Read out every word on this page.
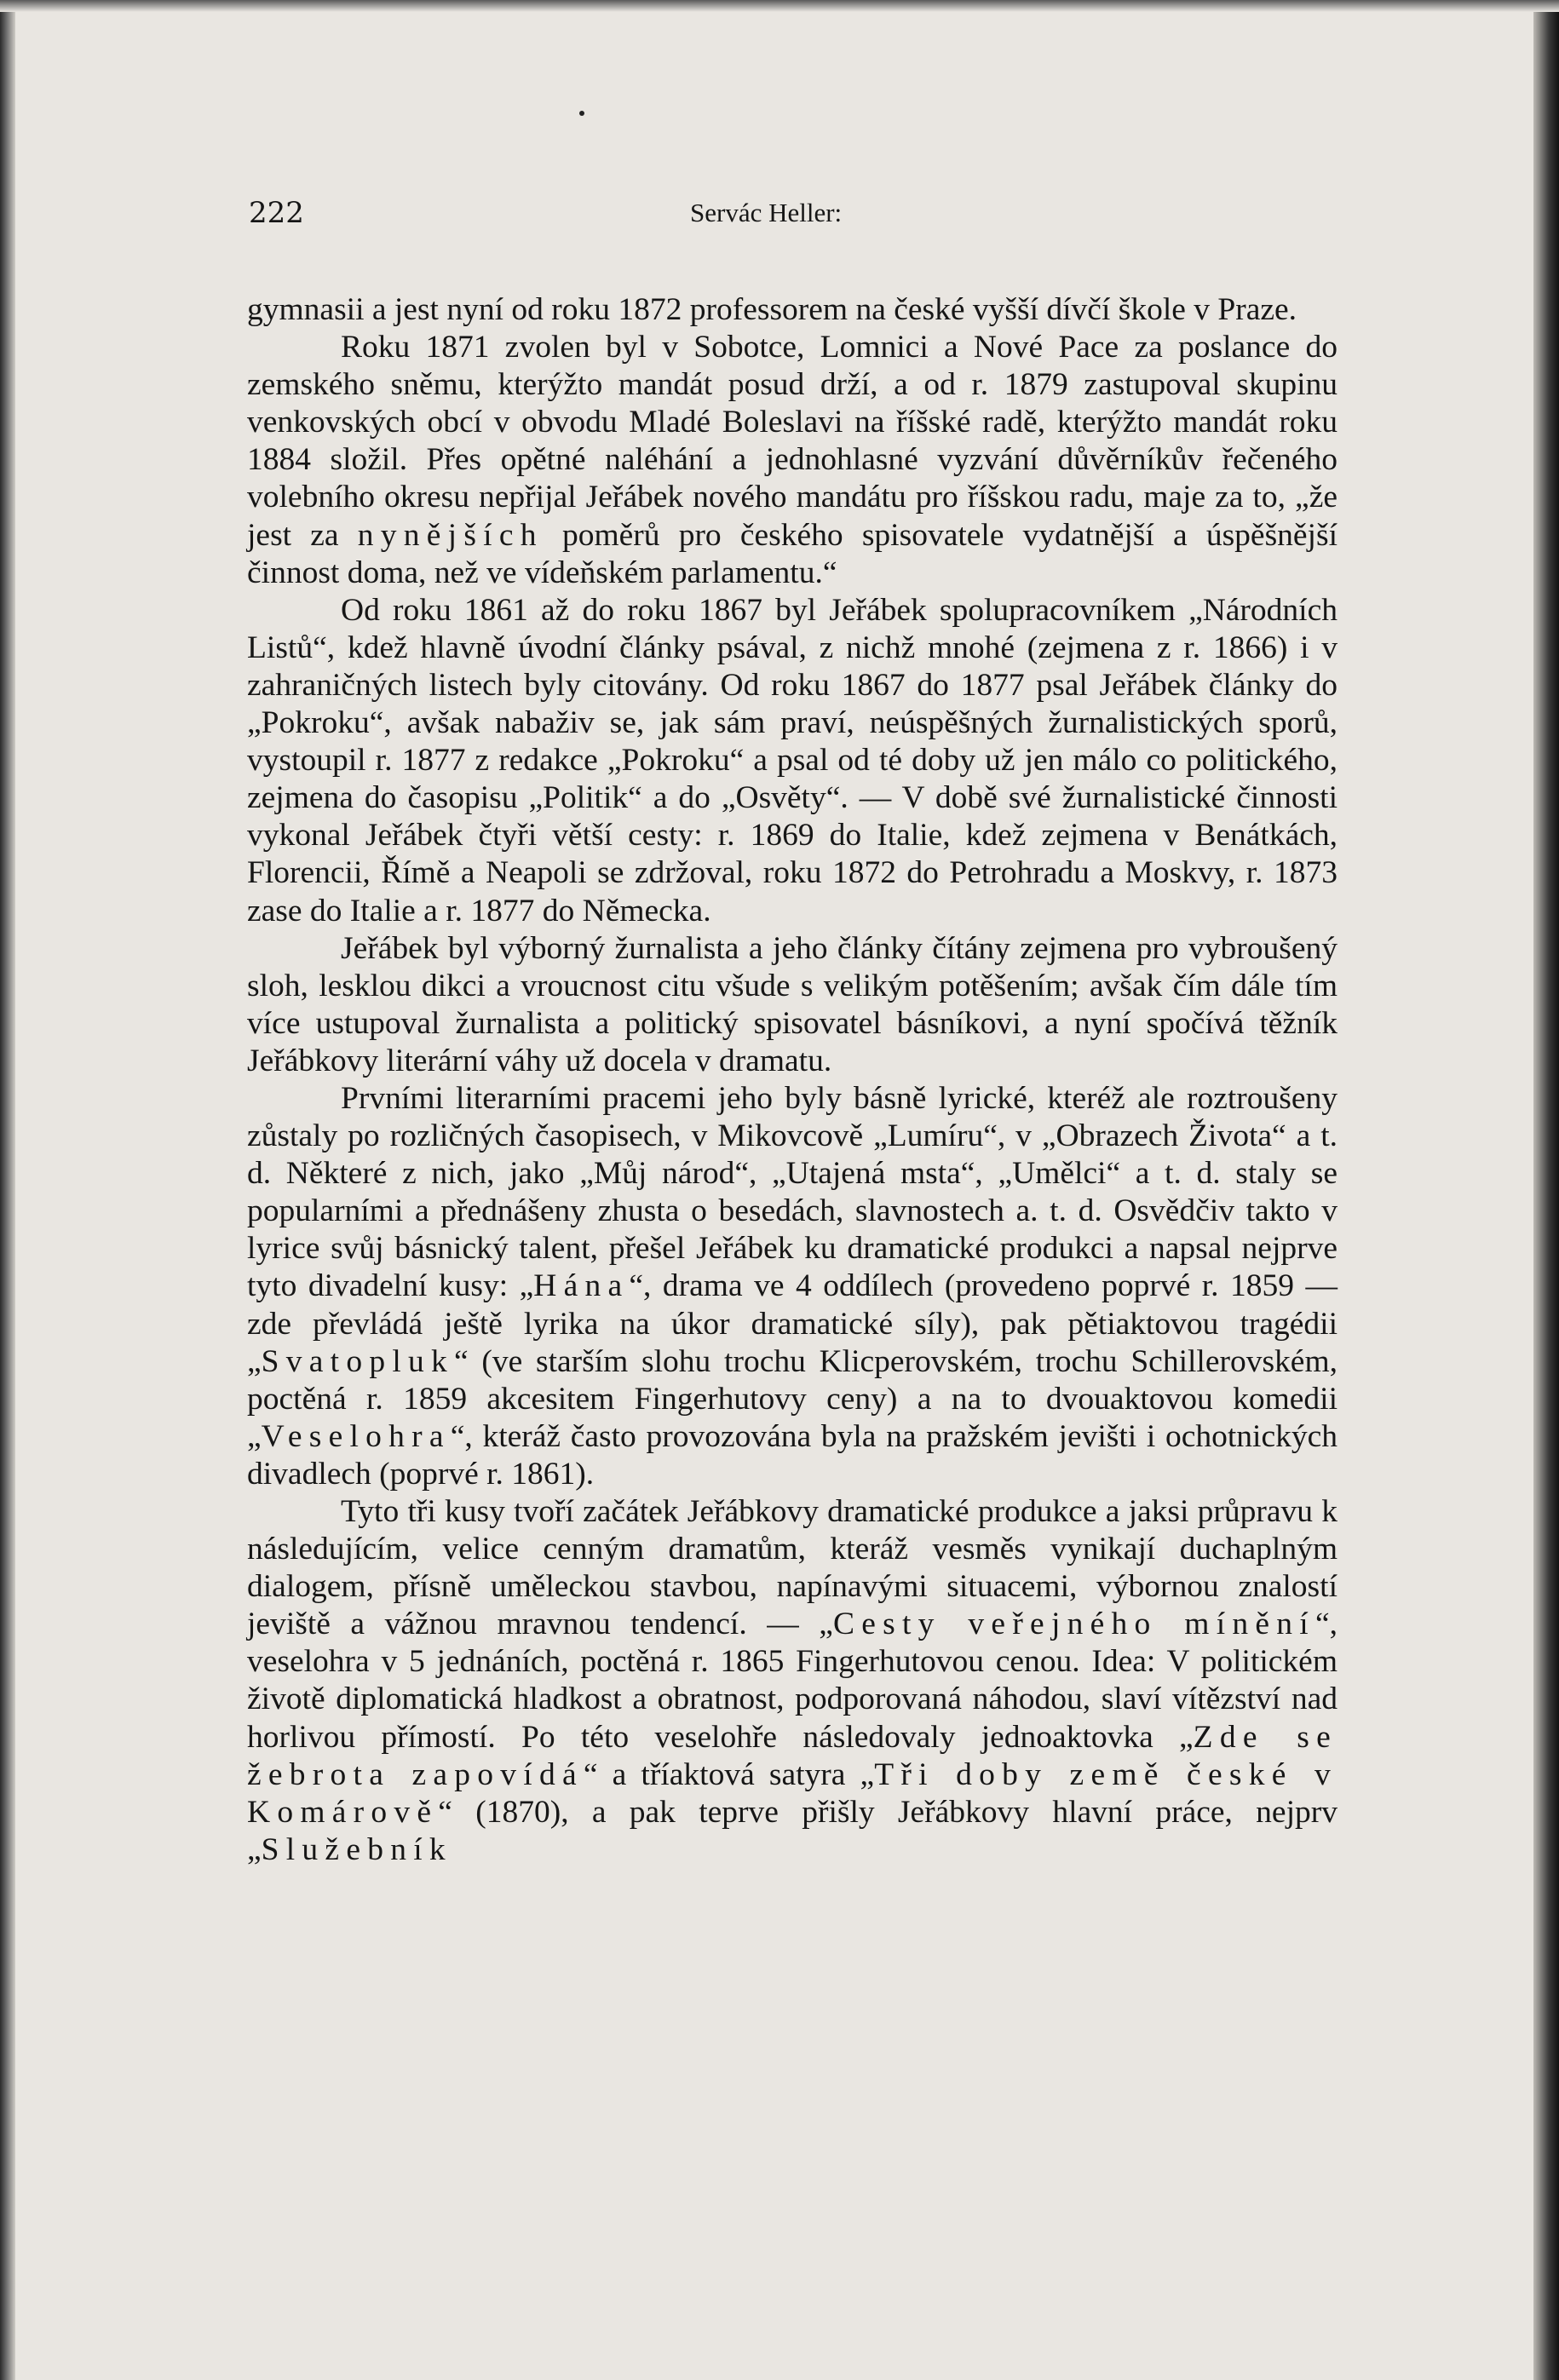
222	Servác Heller:

gymnasii a jest nyní od roku 1872 professorem na české vyšší dívčí škole v Praze.

Roku 1871 zvolen byl v Sobotce, Lomnici a Nové Pace za poslance do zemského sněmu, kterýžto mandát posud drží, a od r. 1879 zastupoval skupinu venkovských obcí v obvodu Mladé Boleslavi na říšské radě, kterýžto mandát roku 1884 složil. Přes opětné naléhání a jednohlasné vyzvání důvěrníkův řečeného volebního okresu nepřijal Jeřábek nového mandátu pro říšskou radu, maje za to, „že jest za nynějších poměrů pro českého spisovatele vydatnější a úspěšnější činnost doma, než ve vídeňském parlamentu.“

Od roku 1861 až do roku 1867 byl Jeřábek spolupracovníkem „Národních Listů“, kdež hlavně úvodní články psával, z nichž mnohé (zejmena z r. 1866) i v zahraničných listech byly citovány. Od roku 1867 do 1877 psal Jeřábek články do „Pokroku“, avšak nabaživ se, jak sám praví, neúspěšných žurnalistických sporů, vystoupil r. 1877 z redakce „Pokroku“ a psal od té doby už jen málo co politického, zejmena do časopisu „Politik“ a do „Osvěty“. — V době své žurnalistické činnosti vykonal Jeřábek čtyři větší cesty: r. 1869 do Italie, kdež zejmena v Benátkách, Florencii, Římě a Neapoli se zdržoval, roku 1872 do Petrohradu a Moskvy, r. 1873 zase do Italie a r. 1877 do Německa.

Jeřábek byl výborný žurnalista a jeho články čítány zejmena pro vybroušený sloh, lesklou dikci a vroucnost citu všude s velikým potěšením; avšak čím dále tím více ustupoval žurnalista a politický spisovatel básníkovi, a nyní spočívá těžník Jeřábkovy literární váhy už docela v dramatu.

Prvními literarními pracemi jeho byly básně lyrické, kteréž ale roztroušeny zůstaly po rozličných časopisech, v Mikovcově „Lumíru“, v „Obrazech Života“ a t. d. Některé z nich, jako „Můj národ“, „Utajená msta“, „Umělci“ a t. d. staly se popularními a přednášeny zhusta o besedách, slavnostech a. t. d. Osvědčiv takto v lyrice svůj básnický talent, přešel Jeřábek ku dramatické produkci a napsal nejprve tyto divadelní kusy: „Hána“, drama ve 4 oddílech (provedeno poprvé r. 1859 — zde převládá ještě lyrika na úkor dramatické síly), pak pětiaktovou tragédii „Svatopluk“ (ve starším slohu trochu Klicperovském, trochu Schillerovském, poctěná r. 1859 akcesitem Fingerhutovy ceny) a na to dvouaktovou komedii „Veselohra“, kteráž často provozována byla na pražském jevišti i ochotnických divadlech (poprvé r. 1861).

Tyto tři kusy tvoří začátek Jeřábkovy dramatické produkce a jaksi průpravu k následujícím, velice cenným dramatům, kteráž vesměs vynikají duchaplným dialogem, přísně uměleckou stavbou, napínavými situacemi, výbornou znalostí jeviště a vážnou mravnou tendencí. — „Cesty veřejného mínění“, veselohra v 5 jednáních, poctěná r. 1865 Fingerhutovou cenou. Idea: V politickém životě diplomatická hladkost a obratnost, podporovaná náhodou, slaví vítězství nad horlivou přímostí. Po této veselohře následovaly jednoaktovka „Zde se žebrota zapovídá“ a tříaktová satyra „Tři doby země české v Komárově“ (1870), a pak teprve přišly Jeřábkovy hlavní práce, nejprv „Služebník
